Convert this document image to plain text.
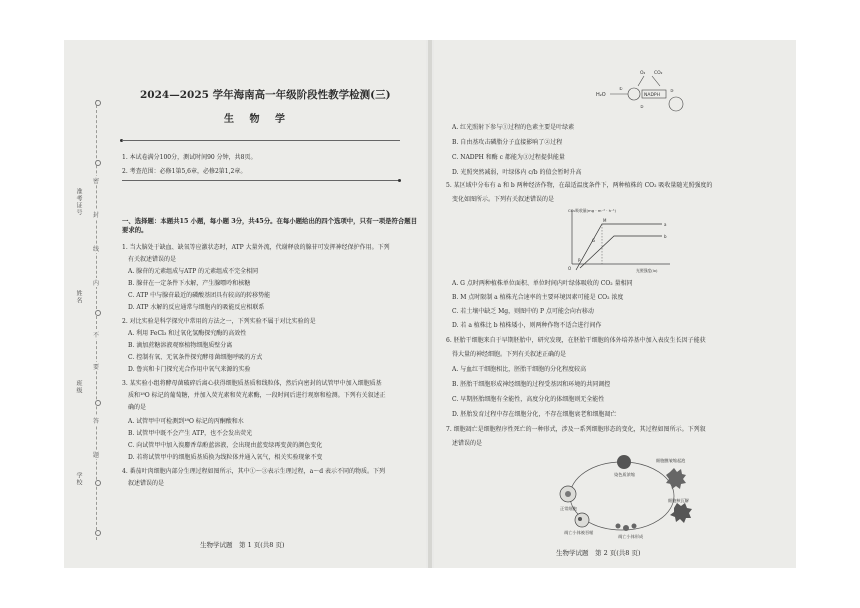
密
封
线
内
不
要
答
题
准考证号
姓名
班级
学校
2024—2025 学年海南高一年级阶段性教学检测(三)
生 物 学
1. 本试卷满分100分，测试时间90 分钟，共8页。
2. 考查范围：必修1第5,6章，必修2第1,2章。
一、选择题：本题共15 小题，每小题 3分，共45分。在每小题给出的四个选项中，只有一项是符合题目要求的。
1. 当大脑处于缺血、缺氧等应激状态时，ATP 大量外流，代谢释放的腺苷可发挥神经保护作用。下列
有关叙述错误的是
A. 腺苷的元素组成与ATP 的元素组成不完全相同
B. 腺苷在一定条件下水解，产生腺嘌呤和核糖
C. ATP 中与腺苷最近的磷酸基团具有较高的转移势能
D. ATP 水解的反应通常与细胞内的吸能反应相联系
2. 对比实验是科学探究中常用的方法之一，下列实验不属于对比实验的是
A. 利用 FeCl₃ 和过氧化氢酶探究酶的高效性
B. 滴加蔗糖溶液观察植物细胞质壁分离
C. 控制有氧、无氧条件探究酵母菌细胞呼吸的方式
D. 鲁宾和卡门探究光合作用中氧气来源的实验
3. 某实验小组将酵母菌破碎后离心获得细胞质基质和线粒体，然后向密封的试管甲中加入细胞质基
质和¹⁸O 标记的葡萄糖，并加入荧光素和荧光素酶，一段时间后进行观察和检测。下列有关叙述正
确的是
A. 试管甲中可检测到¹⁸O 标记的丙酮酸和水
B. 试管甲中既不会产生 ATP，也不会发出荧光
C. 向试管甲中加入溴麝香草酚蓝溶液，会出现由蓝变绿再变黄的颜色变化
D. 若将试管甲中的细胞质基质换为线粒体并通入氧气，相关实验现象不变
4. 番茄叶肉细胞内部分生理过程如图所示，其中①～③表示生理过程，a～d 表示不同的物质。下列
叙述错误的是
生物学试题　第 1 页(共8 页)
H₂O
①
NADPH
O₂ CO₂
②
③
A. 红光照射下参与①过程的色素主要是叶绿素
B. 自由基攻击磷脂分子直接影响了②过程
C. NADPH 和酶 c 都能为③过程提供能量
D. 光照突然减弱，叶绿体内 c/b 的值会暂时升高
5. 某区域中分布有 a 和 b 两种经济作物，在最适温度条件下，两种植株的 CO₂ 吸收量随光照强度的
变化如图所示。下列有关叙述错误的是
CO₂吸收量(mg · m⁻² · h⁻¹)
光照强度(lx)
O
a
b
G
M
P
A. G 点时两种植株单位面积、单位时间内叶绿体吸收的 CO₂ 量相同
B. M 点时限制 a 植株光合速率的主要环境因素可能是 CO₂ 浓度
C. 若土壤中缺乏 Mg，则图中的 P 点可能会向右移动
D. 若 a 植株比 b 植株矮小，则两种作物不适合进行间作
6. 胚胎干细胞来自于早期胚胎中，研究发现，在胚胎干细胞的体外培养基中加入表皮生长因子能获
得大量的神经细胞。下列有关叙述正确的是
A. 与血红干细胞相比，胚胎干细胞的分化程度较高
B. 胚胎干细胞形成神经细胞的过程受基因和环境的共同调控
C. 早期胚胎细胞有全能性，高度分化的体细胞则无全能性
D. 胚胎发育过程中存在细胞分化，不存在细胞衰老和细胞凋亡
7. 细胞凋亡是细胞程序性死亡的一种形式，涉及一系列细胞形态的变化，其过程如图所示。下列叙
述错误的是
细胞膜皱缩起泡
染色质浓缩
正常细胞
细胞核瓦解
凋亡小体被吞噬
凋亡小体形成
生物学试题　第 2 页(共8 页)
